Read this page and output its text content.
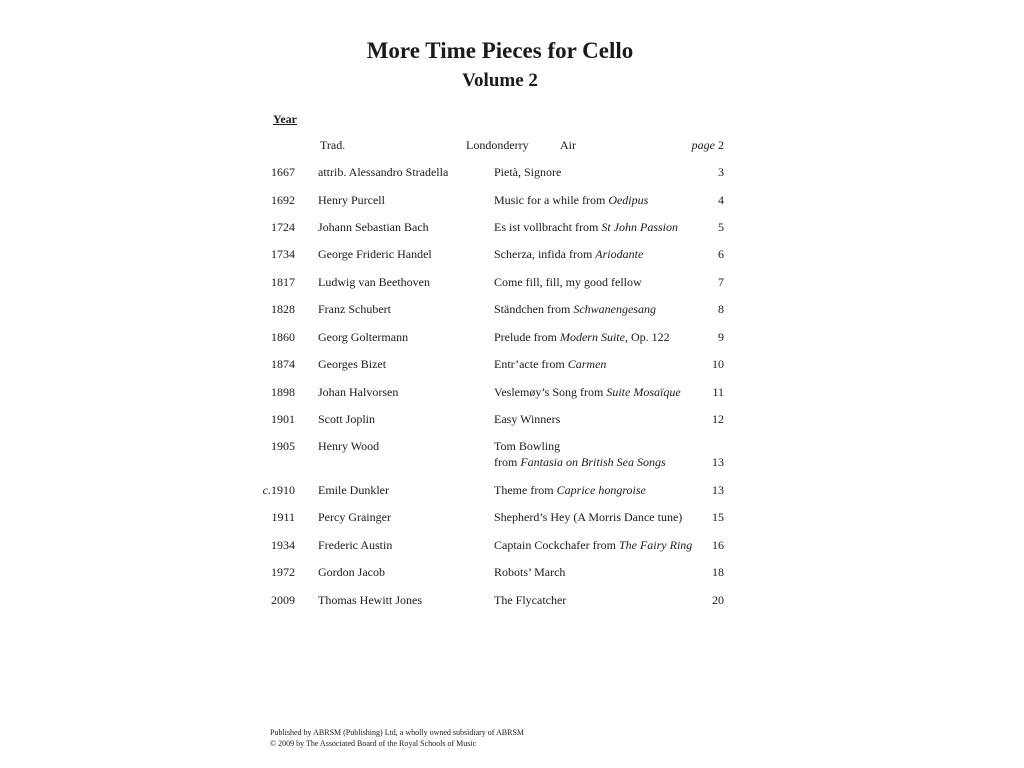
More Time Pieces for Cello
Volume 2
Year
Trad.	Londonderry	Air	page 2
1667 attrib. Alessandro Stradella	Pietà, Signore	3
1692 Henry Purcell	Music for a while from Oedipus	4
1724 Johann Sebastian Bach	Es ist vollbracht from St John Passion	5
1734 George Frideric Handel	Scherza, infida from Ariodante	6
1817 Ludwig van Beethoven	Come fill, fill, my good fellow	7
1828 Franz Schubert	Ständchen from Schwanengesang	8
1860 Georg Goltermann	Prelude from Modern Suite, Op. 122	9
1874 Georges Bizet	Entr’acte from Carmen	10
1898 Johan Halvorsen	Veslemøy’s Song from Suite Mosaïque	11
1901 Scott Joplin	Easy Winners	12
1905 Henry Wood	Tom Bowling
from Fantasia on British Sea Songs	13
c.1910 Emile Dunkler	Theme from Caprice hongroise	13
1911 Percy Grainger	Shepherd’s Hey (A Morris Dance tune)	15
1934 Frederic Austin	Captain Cockchafer from The Fairy Ring	16
1972 Gordon Jacob	Robots’ March	18
2009 Thomas Hewitt Jones	The Flycatcher	20
Published by ABRSM (Publishing) Ltd, a wholly owned subsidiary of ABRSM
© 2009 by The Associated Board of the Royal Schools of Music
